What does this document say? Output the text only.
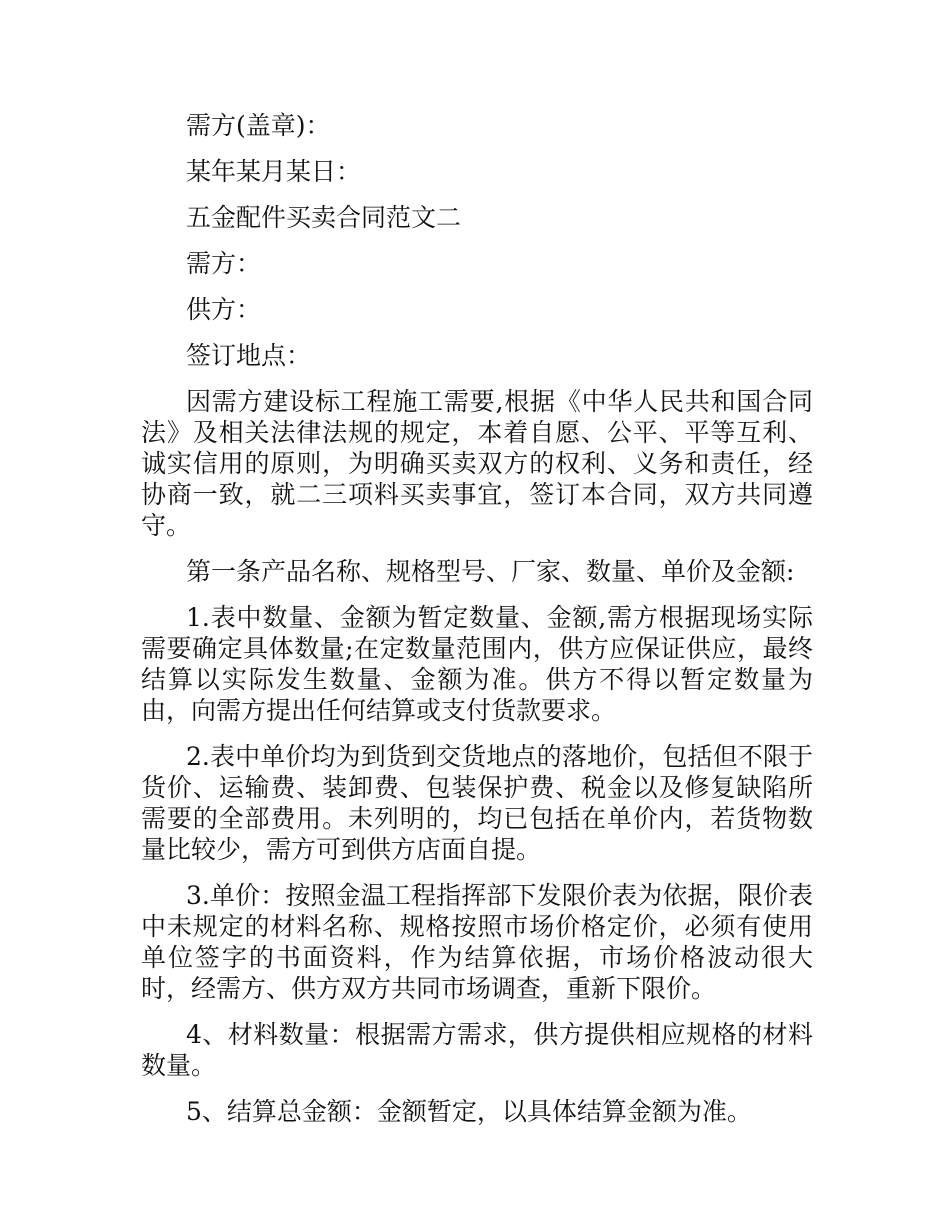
需方(盖章)：

某年某月某日：

五金配件买卖合同范文二

需方：

供方：

签订地点：

因需方建设标工程施工需要,根据《中华人民共和国合同法》及相关法律法规的规定，本着自愿、公平、平等互利、诚实信用的原则，为明确买卖双方的权利、义务和责任，经协商一致，就二三项料买卖事宜，签订本合同，双方共同遵守。

第一条产品名称、规格型号、厂家、数量、单价及金额:

1.表中数量、金额为暂定数量、金额,需方根据现场实际需要确定具体数量;在定数量范围内，供方应保证供应，最终结算以实际发生数量、金额为准。供方不得以暂定数量为由，向需方提出任何结算或支付货款要求。

2.表中单价均为到货到交货地点的落地价，包括但不限于货价、运输费、装卸费、包装保护费、税金以及修复缺陷所需要的全部费用。未列明的，均已包括在单价内，若货物数量比较少，需方可到供方店面自提。

3.单价：按照金温工程指挥部下发限价表为依据，限价表中未规定的材料名称、规格按照市场价格定价，必须有使用单位签字的书面资料，作为结算依据，市场价格波动很大时，经需方、供方双方共同市场调查，重新下限价。

4、材料数量：根据需方需求，供方提供相应规格的材料数量。

5、结算总金额：金额暂定，以具体结算金额为准。
